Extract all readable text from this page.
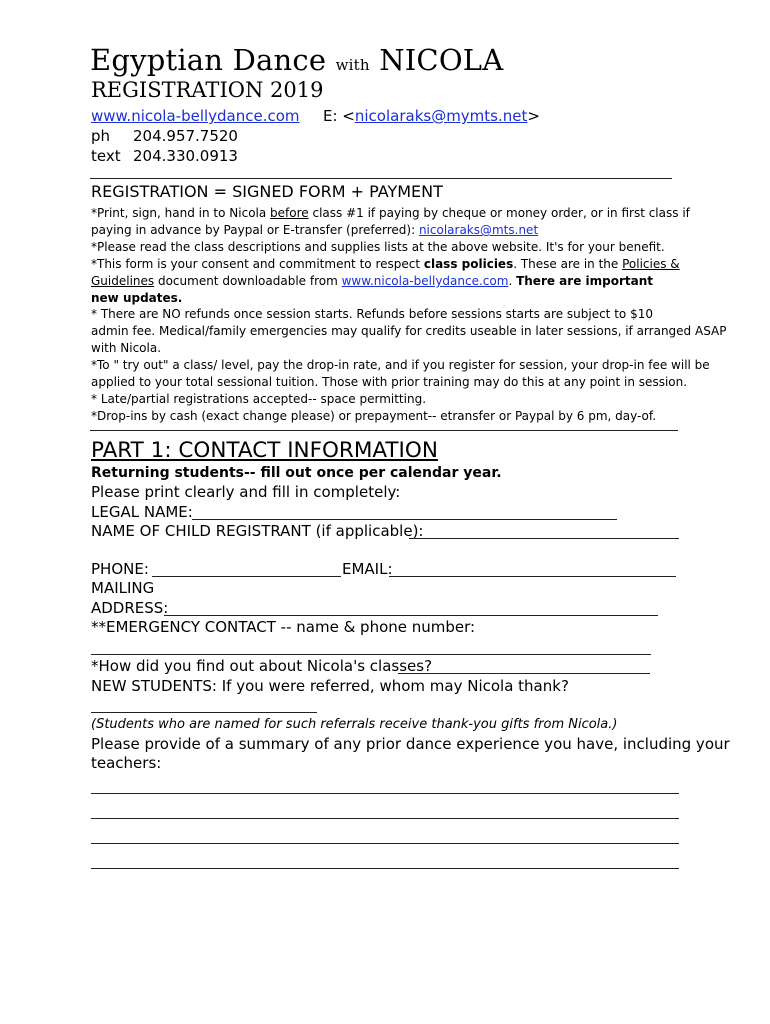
Egyptian Dance with NICOLA
REGISTRATION 2019
www.nicola-bellydance.com E: <nicolaraks@mymts.net>
ph 204.957.7520
text 204.330.0913
REGISTRATION = SIGNED FORM + PAYMENT
*Print, sign, hand in to Nicola before class #1 if paying by cheque or money order, or in first class if
paying in advance by Paypal or E-transfer (preferred): nicolaraks@mts.net
*Please read the class descriptions and supplies lists at the above website. It's for your benefit.
*This form is your consent and commitment to respect class policies. These are in the Policies &
Guidelines document downloadable from www.nicola-bellydance.com. There are important
new updates.
* There are NO refunds once session starts. Refunds before sessions starts are subject to $10
admin fee. Medical/family emergencies may qualify for credits useable in later sessions, if arranged ASAP
with Nicola.
*To " try out" a class/ level, pay the drop-in rate, and if you register for session, your drop-in fee will be
applied to your total sessional tuition. Those with prior training may do this at any point in session.
* Late/partial registrations accepted-- space permitting.
*Drop-ins by cash (exact change please) or prepayment-- etransfer or Paypal by 6 pm, day-of.
PART 1: CONTACT INFORMATION
Returning students-- fill out once per calendar year.
Please print clearly and fill in completely:
LEGAL NAME:
NAME OF CHILD REGISTRANT (if applicable):
PHONE:	EMAIL:
MAILING
ADDRESS:
**EMERGENCY CONTACT -- name & phone number:
*How did you find out about Nicola's classes?
NEW STUDENTS: If you were referred, whom may Nicola thank?
(Students who are named for such referrals receive thank-you gifts from Nicola.)
Please provide of a summary of any prior dance experience you have, including your
teachers:
